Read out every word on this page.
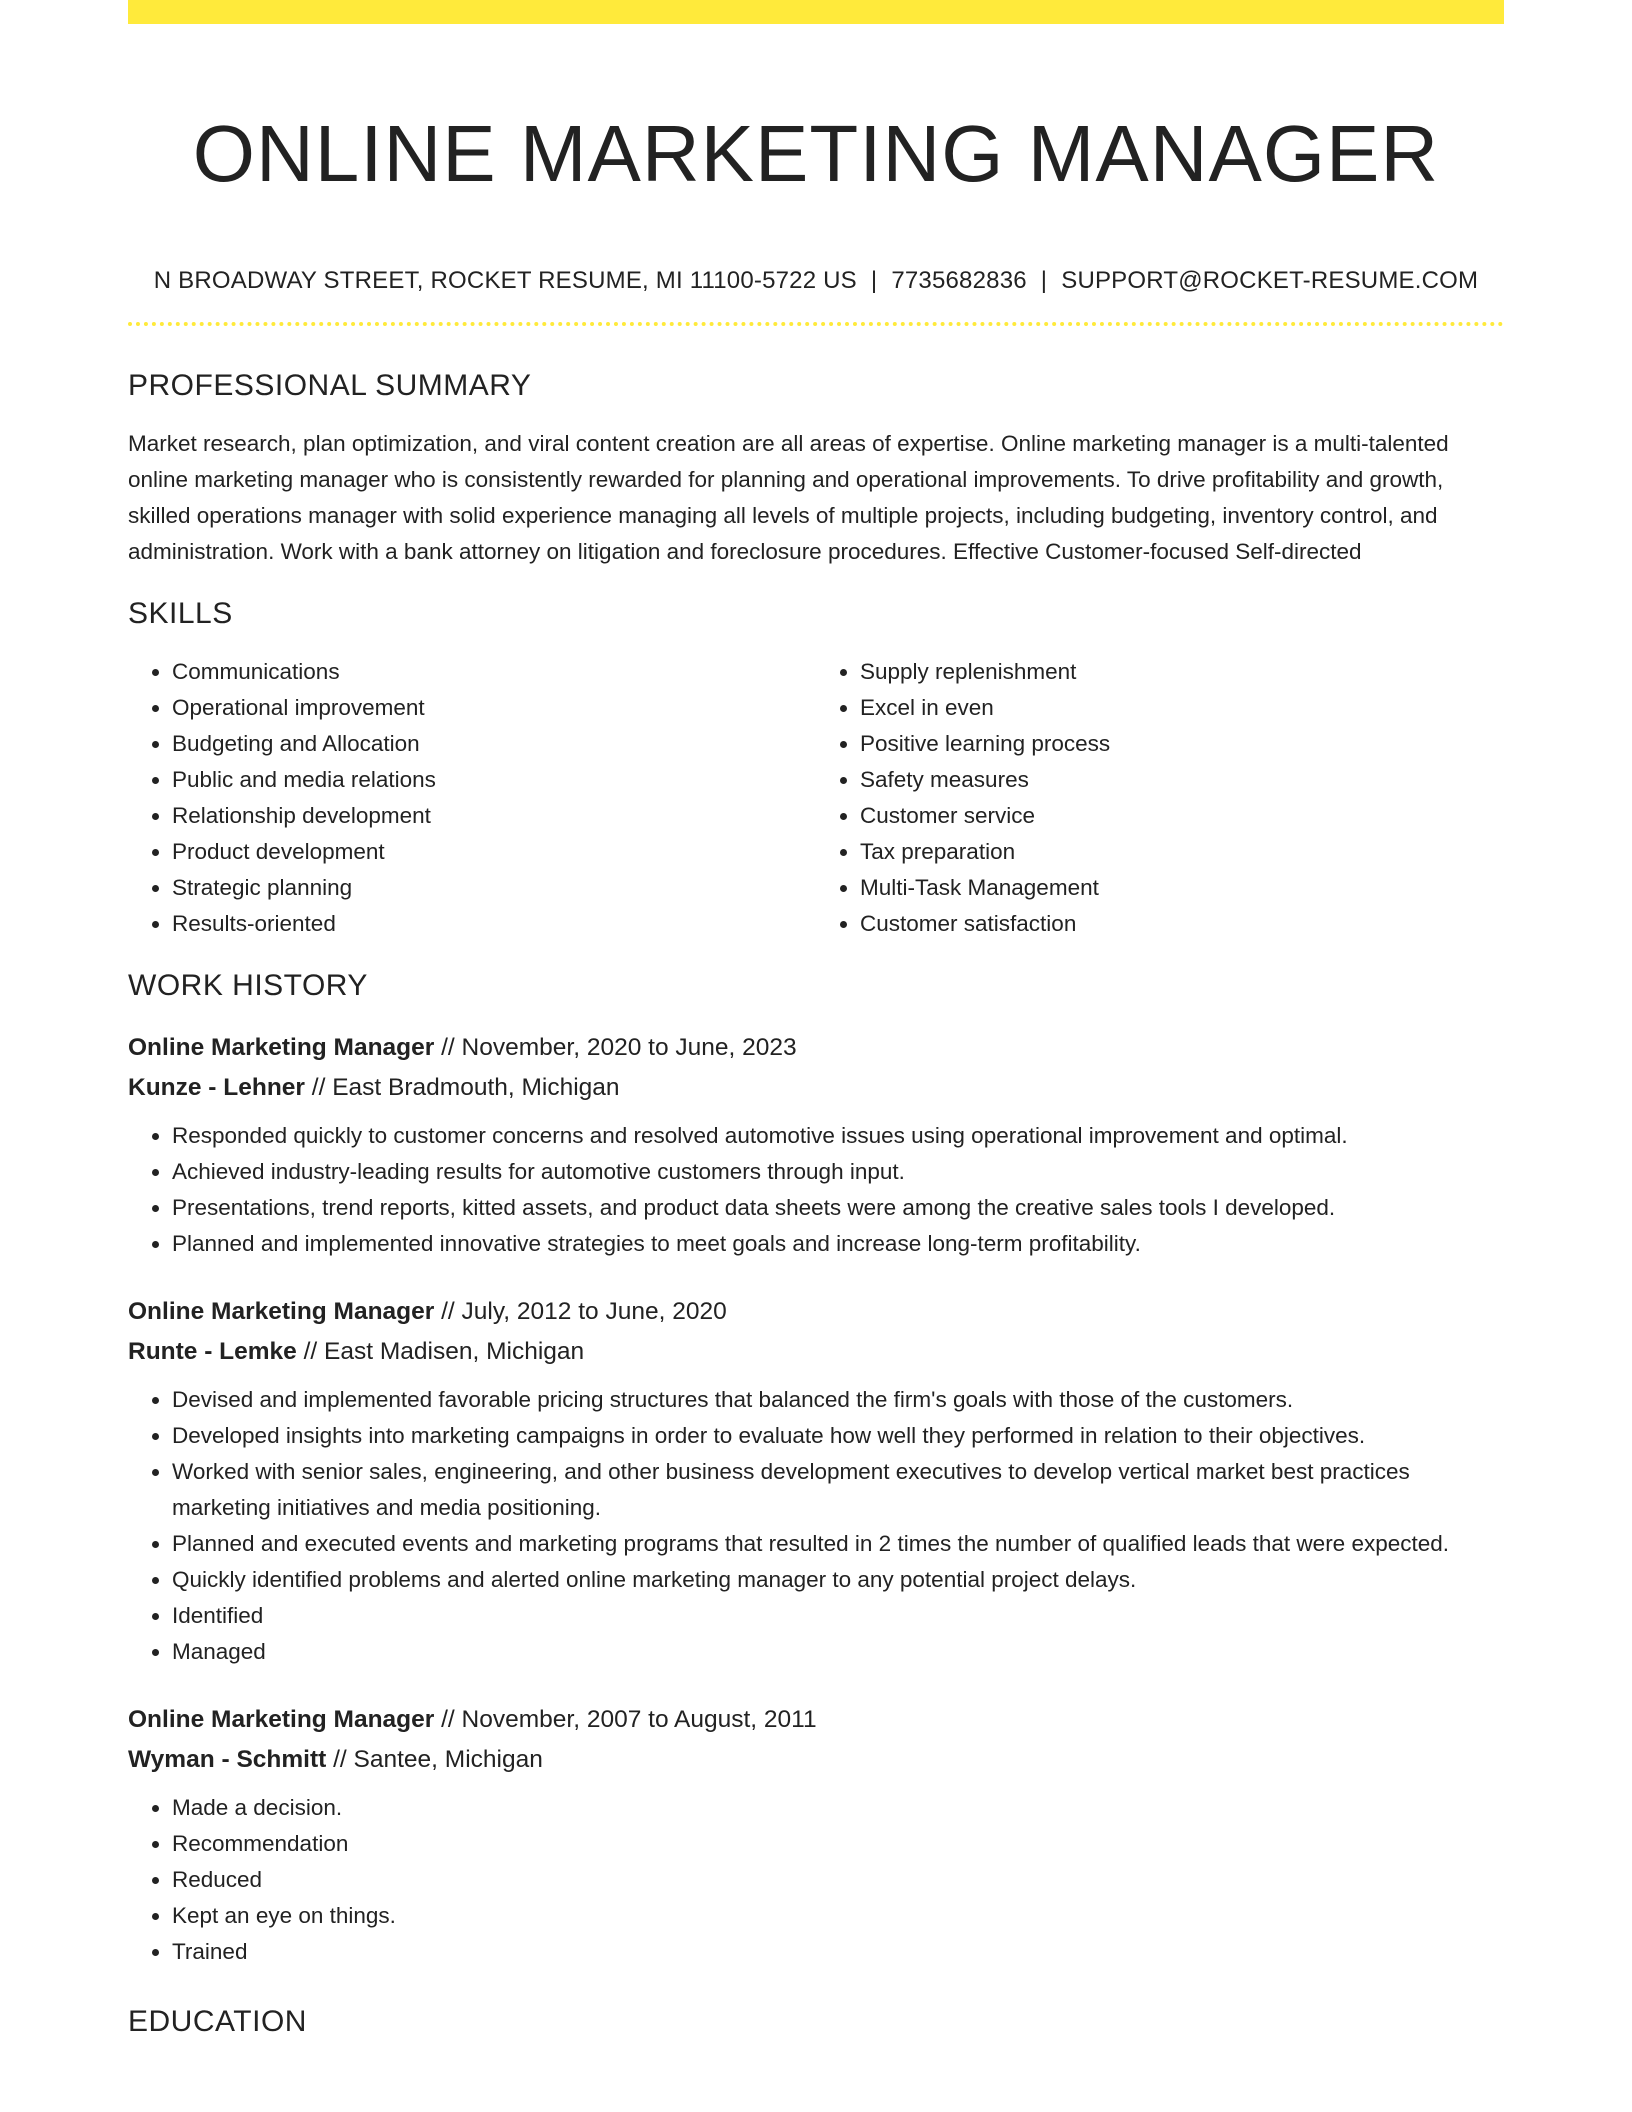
ONLINE MARKETING MANAGER
N BROADWAY STREET, ROCKET RESUME, MI 11100-5722 US | 7735682836 | SUPPORT@ROCKET-RESUME.COM
PROFESSIONAL SUMMARY
Market research, plan optimization, and viral content creation are all areas of expertise. Online marketing manager is a multi-talented online marketing manager who is consistently rewarded for planning and operational improvements. To drive profitability and growth, skilled operations manager with solid experience managing all levels of multiple projects, including budgeting, inventory control, and administration. Work with a bank attorney on litigation and foreclosure procedures. Effective Customer-focused Self-directed
SKILLS
• Communications
• Operational improvement
• Budgeting and Allocation
• Public and media relations
• Relationship development
• Product development
• Strategic planning
• Results-oriented
• Supply replenishment
• Excel in even
• Positive learning process
• Safety measures
• Customer service
• Tax preparation
• Multi-Task Management
• Customer satisfaction
WORK HISTORY
Online Marketing Manager // November, 2020 to June, 2023
Kunze - Lehner // East Bradmouth, Michigan
• Responded quickly to customer concerns and resolved automotive issues using operational improvement and optimal.
• Achieved industry-leading results for automotive customers through input.
• Presentations, trend reports, kitted assets, and product data sheets were among the creative sales tools I developed.
• Planned and implemented innovative strategies to meet goals and increase long-term profitability.
Online Marketing Manager // July, 2012 to June, 2020
Runte - Lemke // East Madisen, Michigan
• Devised and implemented favorable pricing structures that balanced the firm's goals with those of the customers.
• Developed insights into marketing campaigns in order to evaluate how well they performed in relation to their objectives.
• Worked with senior sales, engineering, and other business development executives to develop vertical market best practices marketing initiatives and media positioning.
• Planned and executed events and marketing programs that resulted in 2 times the number of qualified leads that were expected.
• Quickly identified problems and alerted online marketing manager to any potential project delays.
• Identified
• Managed
Online Marketing Manager // November, 2007 to August, 2011
Wyman - Schmitt // Santee, Michigan
• Made a decision.
• Recommendation
• Reduced
• Kept an eye on things.
• Trained
EDUCATION
